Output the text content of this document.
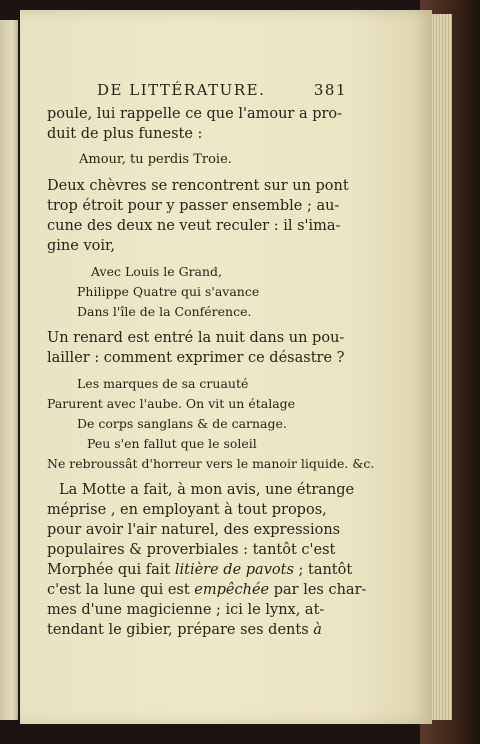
DE LITTÉRATURE.	381
poule, lui rappelle ce que l'amour a pro-
duit de plus funeste :
Amour, tu perdis Troie.
Deux chèvres se rencontrent sur un pont
trop étroit pour y passer ensemble ; au-
cune des deux ne veut reculer : il s'ima-
gine voir,
Avec Louis le Grand,
Philippe Quatre qui s'avance
Dans l'île de la Conférence.
Un renard est entré la nuit dans un pou-
lailler : comment exprimer ce désastre ?
Les marques de sa cruauté
Parurent avec l'aube. On vit un étalage
De corps sanglans & de carnage.
Peu s'en fallut que le soleil
Ne rebroussât d'horreur vers le manoir liquide. &c.
La Motte a fait, à mon avis, une étrange
méprise , en employant à tout propos,
pour avoir l'air naturel, des expressions
populaires & proverbiales : tantôt c'est
Morphée qui fait litière de pavots ; tantôt
c'est la lune qui est empêchée par les char-
mes d'une magicienne ; ici le lynx, at-
tendant le gibier, prépare ses dents à
